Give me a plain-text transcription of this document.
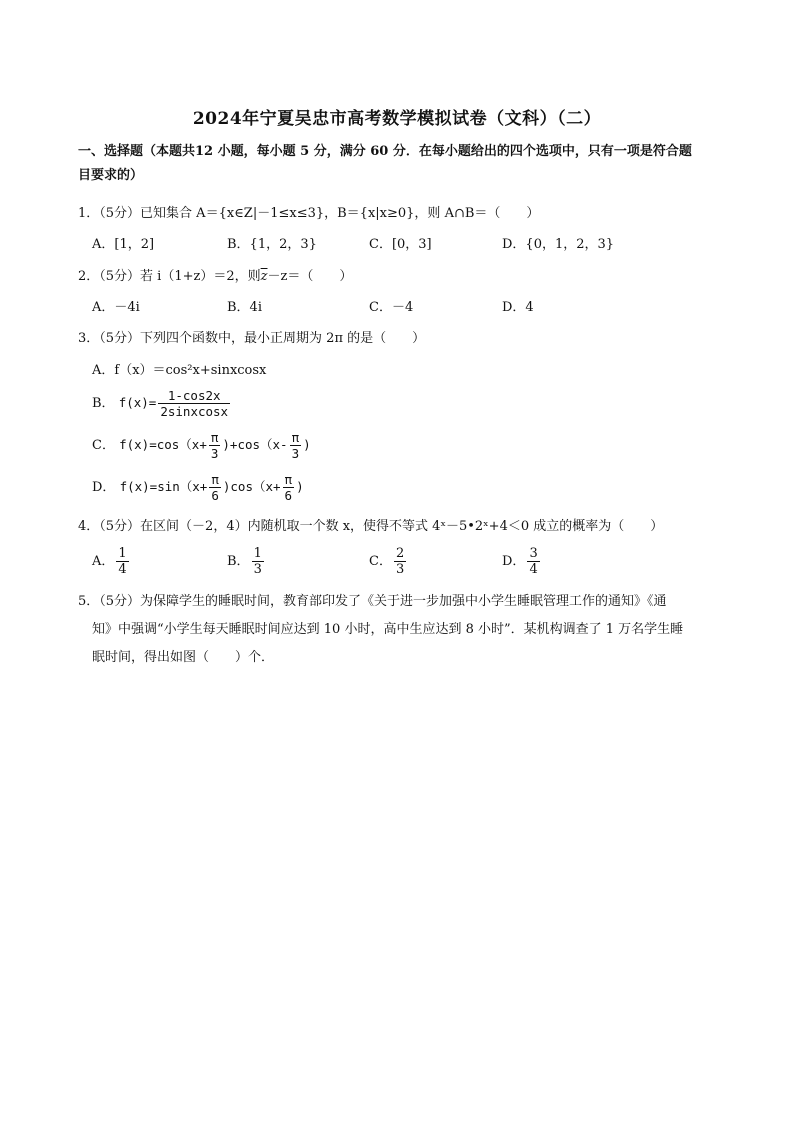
2024年宁夏吴忠市高考数学模拟试卷（文科）（二）
一、选择题（本题共12 小题，每小题 5 分，满分 60 分．在每小题给出的四个选项中，只有一项是符合题
目要求的）
1．（5分）已知集合 A＝{x∈Z|－1≤x≤3}，B＝{x|x≥0}，则 A∩B＝（　　）
A．[1，2]	B．{1，2，3}	C．[0，3]	D．{0，1，2，3}
2．（5分）若 i（1+z）＝2，则$\overline{z}-z=$（　　）
A．－4i	B．4i	C．－4	D．4
3．（5分）下列四个函数中，最小正周期为 2π 的是（　　）
A．f（x）＝cos²x+sinxcosx
B． $f(x)= \frac{1-\cos 2x}{\text{2sinxcosx}}$
C． $f(x)=\cos(x+ \frac{\pi}{3} )+\cos(x- \frac{\pi}{3}$ )
D． $f(x)=\sin(x+ \frac{\pi}{6} )\cos(x+ \frac{\pi}{6}$ )
4．（5分）在区间（－2，4）内随机取一个数 x，使得不等式 4ˣ－5•2ˣ+4＜0 成立的概率为（　　）
A． $\frac{1}{4}$	B． $\frac{1}{3}$	C． $\frac{2}{3}$	D． $\frac{3}{4}$
5．（5分）为保障学生的睡眠时间，教育部印发了《关于进一步加强中小学生睡眠管理工作的通知》《通
知》中强调“小学生每天睡眠时间应达到 10 小时，高中生应达到 8 小时”．某机构调查了 1 万名学生睡
眠时间，得出如图（　　）个．
